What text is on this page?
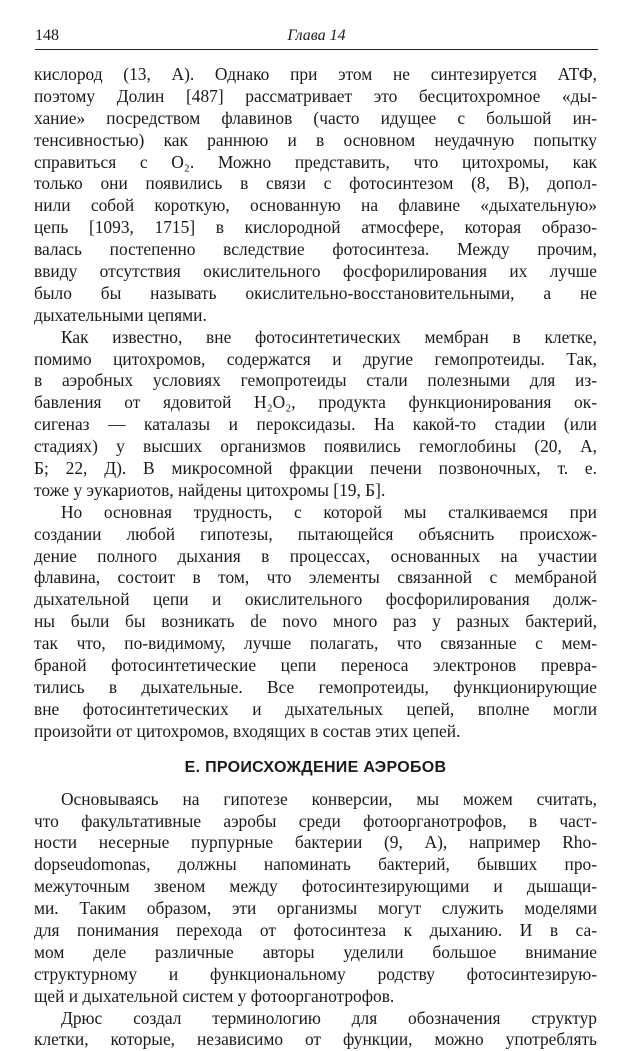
148	Глава 14
кислород (13, А). Однако при этом не синтезируется АТФ,
поэтому Долин [487] рассматривает это бесцитохромное «ды-
хание» посредством флавинов (часто идущее с большой ин-
тенсивностью) как раннюю и в основном неудачную попытку
справиться с O₂. Можно представить, что цитохромы, как
только они появились в связи с фотосинтезом (8, В), допол-
нили собой короткую, основанную на флавине «дыхательную»
цепь [1093, 1715] в кислородной атмосфере, которая образо-
валась постепенно вследствие фотосинтеза. Между прочим,
ввиду отсутствия окислительного фосфорилирования их лучше
было бы называть окислительно-восстановительными, а не
дыхательными цепями.
Как известно, вне фотосинтетических мембран в клетке,
помимо цитохромов, содержатся и другие гемопротеиды. Так,
в аэробных условиях гемопротеиды стали полезными для из-
бавления от ядовитой H₂O₂, продукта функционирования ок-
сигеназ — каталазы и пероксидазы. На какой-то стадии (или
стадиях) у высших организмов появились гемоглобины (20, А,
Б; 22, Д). В микросомной фракции печени позвоночных, т. е.
тоже у эукариотов, найдены цитохромы [19, Б].
Но основная трудность, с которой мы сталкиваемся при
создании любой гипотезы, пытающейся объяснить происхож-
дение полного дыхания в процессах, основанных на участии
флавина, состоит в том, что элементы связанной с мембраной
дыхательной цепи и окислительного фосфорилирования долж-
ны были бы возникать de novo много раз у разных бактерий,
так что, по-видимому, лучше полагать, что связанные с мем-
браной фотосинтетические цепи переноса электронов превра-
тились в дыхательные. Все гемопротеиды, функционирующие
вне фотосинтетических и дыхательных цепей, вполне могли
произойти от цитохромов, входящих в состав этих цепей.
Е. ПРОИСХОЖДЕНИЕ АЭРОБОВ
Основываясь на гипотезе конверсии, мы можем считать,
что факультативные аэробы среди фотоорганотрофов, в част-
ности несерные пурпурные бактерии (9, А), например Rho-
dopseudomonas, должны напоминать бактерий, бывших про-
межуточным звеном между фотосинтезирующими и дышащи-
ми. Таким образом, эти организмы могут служить моделями
для понимания перехода от фотосинтеза к дыханию. И в са-
мом деле различные авторы уделили большое внимание
структурному и функциональному родству фотосинтезирую-
щей и дыхательной систем у фотоорганотрофов.
Дрюс создал терминологию для обозначения структур
клетки, которые, независимо от функции, можно употреблять
